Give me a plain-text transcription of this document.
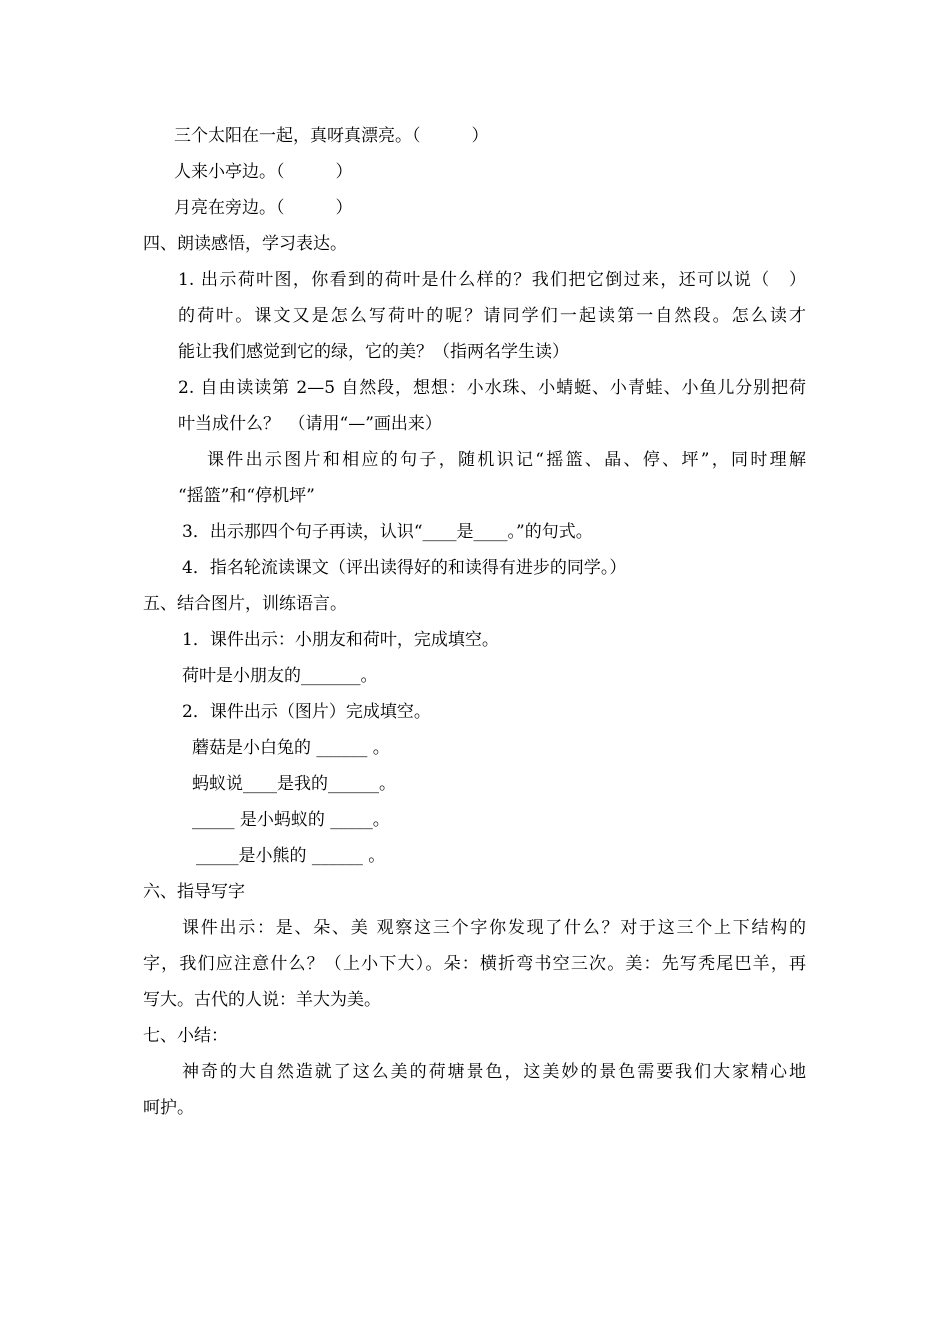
三个太阳在一起，真呀真漂亮。（　　　）
人来小亭边。（　　　）
月亮在旁边。（　　　）
四、朗读感悟，学习表达。
1. 出示荷叶图，你看到的荷叶是什么样的？我们把它倒过来，还可以说（　）
的荷叶。课文又是怎么写荷叶的呢？请同学们一起读第一自然段。怎么读才
能让我们感觉到它的绿，它的美？（指两名学生读）
2. 自由读读第 2—5 自然段，想想：小水珠、小蜻蜓、小青蛙、小鱼儿分别把荷
叶当成什么？　（请用“—”画出来）
课件出示图片和相应的句子，随机识记“摇篮、晶、停、坪”，同时理解
“摇篮”和“停机坪”
3．出示那四个句子再读，认识“____是____。”的句式。
4．指名轮流读课文（评出读得好的和读得有进步的同学。）
五、结合图片，训练语言。
1．课件出示：小朋友和荷叶，完成填空。
荷叶是小朋友的_______。
2．课件出示（图片）完成填空。
蘑菇是小白兔的 ______ 。
蚂蚁说____是我的______。
_____ 是小蚂蚁的 _____。
_____是小熊的 ______ 。
六、指导写字
课件出示：是、朵、美 观察这三个字你发现了什么？对于这三个上下结构的
字，我们应注意什么？（上小下大）。朵：横折弯书空三次。美：先写秃尾巴羊，再
写大。古代的人说：羊大为美。
七、小结：
神奇的大自然造就了这么美的荷塘景色，这美妙的景色需要我们大家精心地
呵护。
